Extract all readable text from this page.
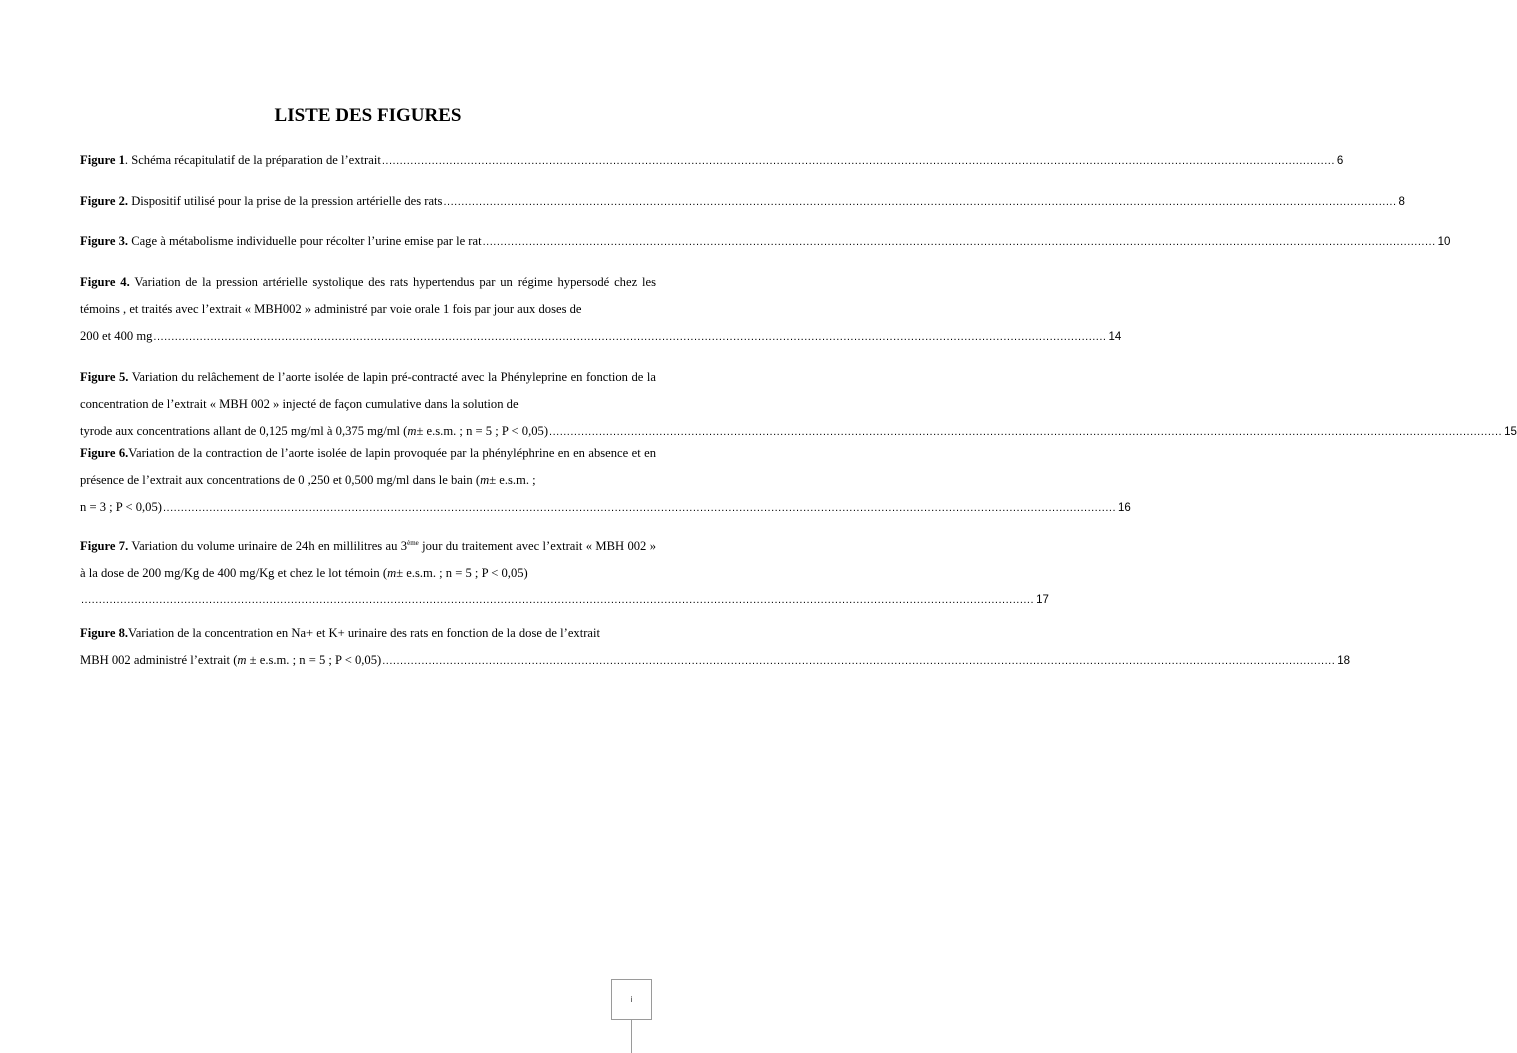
LISTE DES FIGURES
Figure 1. Schéma récapitulatif de la préparation de l’extrait ............................................................................................................................................................................................................................................................................ 6
Figure 2. Dispositif utilisé pour la prise de la pression artérielle des rats ............................................................................................................................................................................................................................................................................ 8
Figure 3. Cage à métabolisme individuelle pour récolter l’urine emise par le rat ............................................................................................................................................................................................................................................................................ 10
Figure 4. Variation de la pression artérielle systolique des rats hypertendus par un régime hypersodé chez les témoins , et traités avec l’extrait « MBH002 » administré par voie orale 1 fois par jour aux doses de
200 et 400 mg ............................................................................................................................................................................................................................................................................ 14
Figure 5. Variation du relâchement de l’aorte isolée de lapin pré-contracté avec la Phényleprine en fonction de la concentration de l’extrait « MBH 002 » injecté de façon cumulative dans la solution de
tyrode aux concentrations allant de 0,125 mg/ml à 0,375 mg/ml (m± e.s.m. ; n = 5 ; P < 0,05) ............................................................................................................................................................................................................................................................................ 15
Figure 6.Variation de la contraction de l’aorte isolée de lapin provoquée par la phényléphrine en en absence et en présence de l’extrait aux concentrations de 0 ,250 et 0,500 mg/ml dans le bain (m± e.s.m. ;
n = 3 ; P < 0,05) ............................................................................................................................................................................................................................................................................ 16
Figure 7. Variation du volume urinaire de 24h en millilitres au 3ème jour du traitement avec l’extrait « MBH 002 » à la dose de 200 mg/Kg de 400 mg/Kg et chez le lot témoin (m± e.s.m. ; n = 5 ; P < 0,05)
............................................................................................................................................................................................................................................................................ 17
Figure 8.Variation de la concentration en Na+ et K+ urinaire des rats en fonction de la dose de l’extrait
MBH 002 administré l’extrait (m ± e.s.m. ; n = 5 ; P < 0,05) ............................................................................................................................................................................................................................................................................ 18
i
